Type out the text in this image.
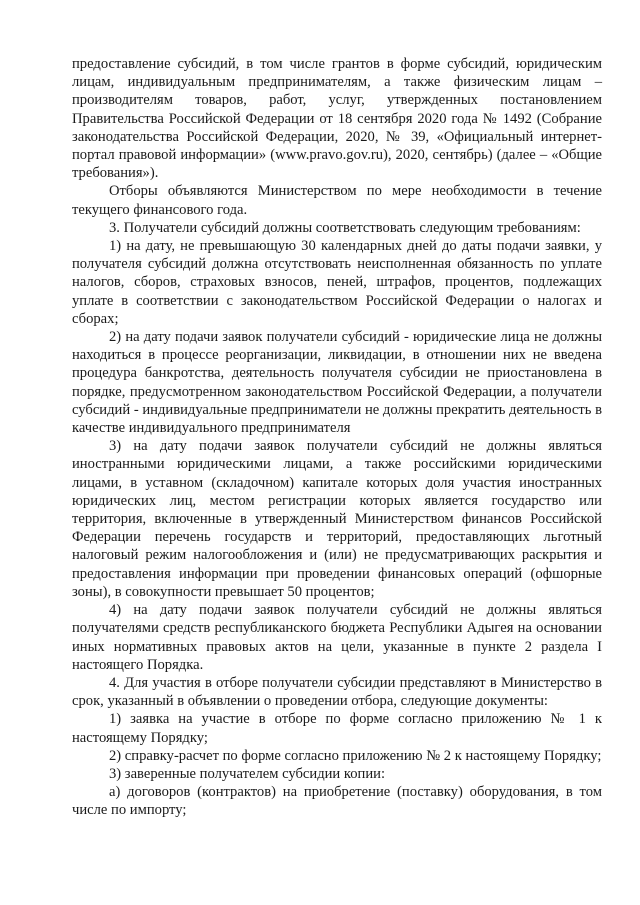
предоставление субсидий, в том числе грантов в форме субсидий, юридическим лицам, индивидуальным предпринимателям, а также физическим лицам – производителям товаров, работ, услуг, утвержденных постановлением Правительства Российской Федерации от 18 сентября 2020 года № 1492 (Собрание законодательства Российской Федерации, 2020, № 39, «Официальный интернет-портал правовой информации» (www.pravo.gov.ru), 2020, сентябрь) (далее – «Общие требования»).

Отборы объявляются Министерством по мере необходимости в течение текущего финансового года.

3. Получатели субсидий должны соответствовать следующим требованиям:

1) на дату, не превышающую 30 календарных дней до даты подачи заявки, у получателя субсидий должна отсутствовать неисполненная обязанность по уплате налогов, сборов, страховых взносов, пеней, штрафов, процентов, подлежащих уплате в соответствии с законодательством Российской Федерации о налогах и сборах;

2) на дату подачи заявок получатели субсидий - юридические лица не должны находиться в процессе реорганизации, ликвидации, в отношении них не введена процедура банкротства, деятельность получателя субсидии не приостановлена в порядке, предусмотренном законодательством Российской Федерации, а получатели субсидий - индивидуальные предприниматели не должны прекратить деятельность в качестве индивидуального предпринимателя

3) на дату подачи заявок получатели субсидий не должны являться иностранными юридическими лицами, а также российскими юридическими лицами, в уставном (складочном) капитале которых доля участия иностранных юридических лиц, местом регистрации которых является государство или территория, включенные в утвержденный Министерством финансов Российской Федерации перечень государств и территорий, предоставляющих льготный налоговый режим налогообложения и (или) не предусматривающих раскрытия и предоставления информации при проведении финансовых операций (офшорные зоны), в совокупности превышает 50 процентов;

4) на дату подачи заявок получатели субсидий не должны являться получателями средств республиканского бюджета Республики Адыгея на основании иных нормативных правовых актов на цели, указанные в пункте 2 раздела I настоящего Порядка.

4. Для участия в отборе получатели субсидии представляют в Министерство в срок, указанный в объявлении о проведении отбора, следующие документы:

1) заявка на участие в отборе по форме согласно приложению № 1 к настоящему Порядку;

2) справку-расчет по форме согласно приложению № 2 к настоящему Порядку;

3) заверенные получателем субсидии копии:

а) договоров (контрактов) на приобретение (поставку) оборудования, в том числе по импорту;
